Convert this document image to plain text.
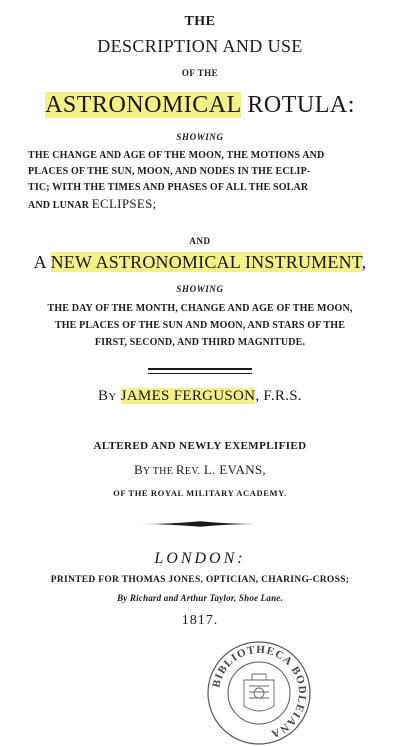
THE
DESCRIPTION AND USE
OF THE
ASTRONOMICAL ROTULA:
SHOWING
THE CHANGE AND AGE OF THE MOON, THE MOTIONS AND
PLACES OF THE SUN, MOON, AND NODES IN THE ECLIP-
TIC; WITH THE TIMES AND PHASES OF ALL THE SOLAR
AND LUNAR ECLIPSES;
AND
A NEW ASTRONOMICAL INSTRUMENT,
SHOWING
THE DAY OF THE MONTH, CHANGE AND AGE OF THE MOON,
THE PLACES OF THE SUN AND MOON, AND STARS OF THE
FIRST, SECOND, AND THIRD MAGNITUDE.
BY JAMES FERGUSON, F.R.S.
ALTERED AND NEWLY EXEMPLIFIED
BY THE REV. L. EVANS,
OF THE ROYAL MILITARY ACADEMY.
LONDON:
PRINTED FOR THOMAS JONES, OPTICIAN, CHARING-CROSS;
By Richard and Arthur Taylor, Shoe Lane.
1817.
BIBLIOTHECA BODLEIANA
